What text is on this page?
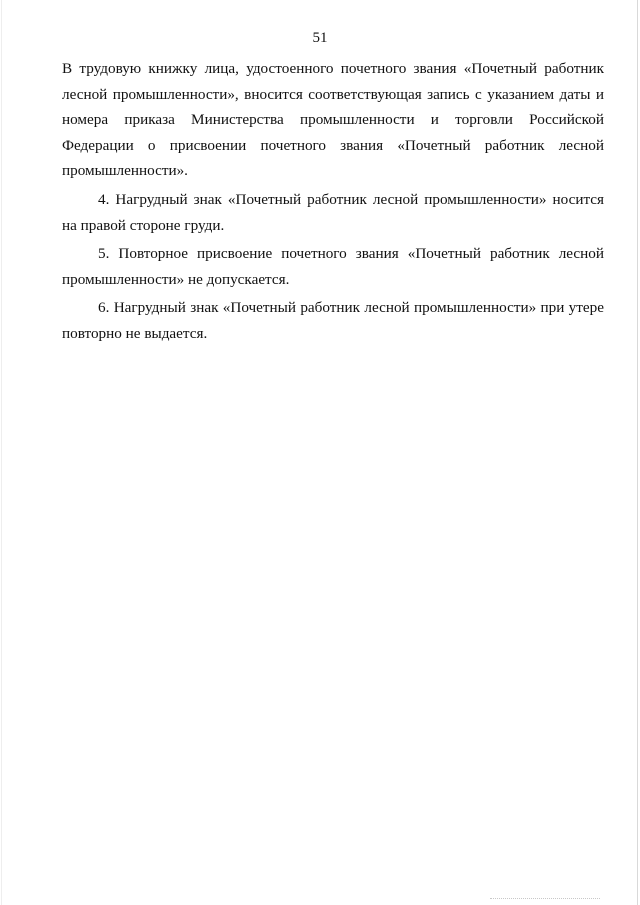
51

В трудовую книжку лица, удостоенного почетного звания «Почетный работник лесной промышленности», вносится соответствующая запись с указанием даты и номера приказа Министерства промышленности и торговли Российской Федерации о присвоении почетного звания «Почетный работник лесной промышленности».

4. Нагрудный знак «Почетный работник лесной промышленности» носится на правой стороне груди.

5. Повторное присвоение почетного звания «Почетный работник лесной промышленности» не допускается.

6. Нагрудный знак «Почетный работник лесной промышленности» при утере повторно не выдается.
